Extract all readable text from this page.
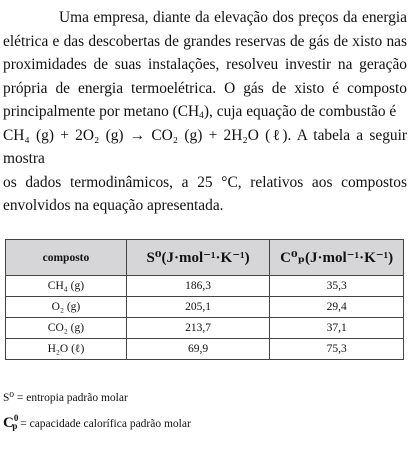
Uma empresa, diante da elevação dos preços da energia
elétrica e das descobertas de grandes reservas de gás de xisto nas
proximidades de suas instalações, resolveu investir na geração
própria de energia termoelétrica. O gás de xisto é composto
principalmente por metano $(CH_4)$, cuja equação de combustão é
CH₄ (g) + 2O₂ (g) → CO₂ (g) + 2H₂O (ℓ). A tabela a seguir mostra
os dados termodinâmicos, a 25 °C, relativos aos compostos
envolvidos na equação apresentada.
composto	S⁰(J·mol⁻¹·K⁻¹)	C⁰ₚ(J·mol⁻¹·K⁻¹)
CH₄ (g)	186,3	35,3
O₂ (g)	205,1	29,4
CO₂ (g)	213,7	37,1
H₂O (ℓ)	69,9	75,3
S⁰ = entropia padrão molar
$C^0_p$ = capacidade calorífica padrão molar
